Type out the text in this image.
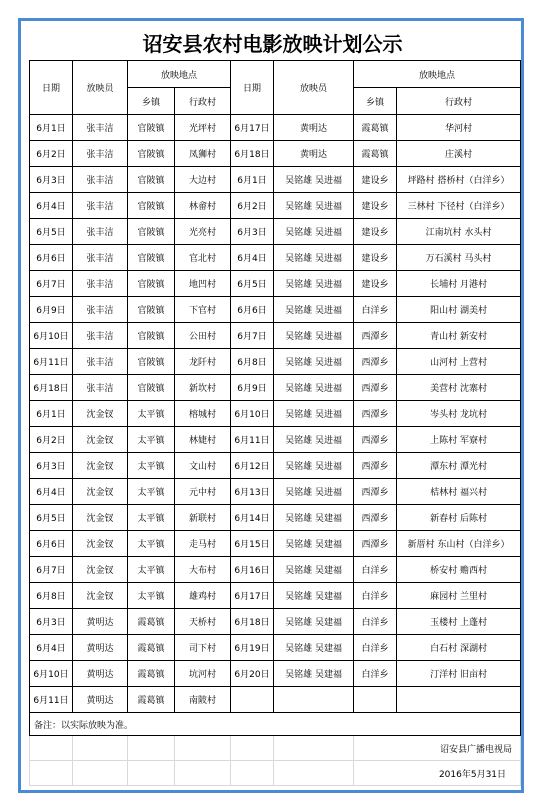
诏安县农村电影放映计划公示
日期	放映员	放映地点		日期	放映员	放映地点	
		乡镇	行政村			乡镇	行政村
6月1日	张丰洁	官陂镇	光坪村	6月17日	黄明达	霞葛镇	华河村
6月2日	张丰洁	官陂镇	凤狮村	6月18日	黄明达	霞葛镇	庄溪村
6月3日	张丰洁	官陂镇	大边村	6月1日	吴铭雄 吴进福	建设乡	坪路村 搭桥村（白洋乡）
6月4日	张丰洁	官陂镇	林畲村	6月2日	吴铭雄 吴进福	建设乡	三林村 下径村（白洋乡）
6月5日	张丰洁	官陂镇	光亮村	6月3日	吴铭雄 吴进福	建设乡	江南坑村 水头村
6月6日	张丰洁	官陂镇	官北村	6月4日	吴铭雄 吴进福	建设乡	万石溪村 马头村
6月7日	张丰洁	官陂镇	地凹村	6月5日	吴铭雄 吴进福	建设乡	长埔村 月港村
6月9日	张丰洁	官陂镇	下官村	6月6日	吴铭雄 吴进福	白洋乡	阳山村 湖美村
6月10日	张丰洁	官陂镇	公田村	6月7日	吴铭雄 吴进福	西潭乡	青山村 新安村
6月11日	张丰洁	官陂镇	龙阡村	6月8日	吴铭雄 吴进福	西潭乡	山河村 上营村
6月18日	张丰洁	官陂镇	新坎村	6月9日	吴铭雄 吴进福	西潭乡	美营村 沈寨村
6月1日	沈金钗	太平镇	榕城村	6月10日	吴铭雄 吴进福	西潭乡	岑头村 龙坑村
6月2日	沈金钗	太平镇	林婕村	6月11日	吴铭雄 吴进福	西潭乡	上陈村 军寮村
6月3日	沈金钗	太平镇	文山村	6月12日	吴铭雄 吴进福	西潭乡	潭东村 潭光村
6月4日	沈金钗	太平镇	元中村	6月13日	吴铭雄 吴进福	西潭乡	桔林村 福兴村
6月5日	沈金钗	太平镇	新联村	6月14日	吴铭雄 吴建福	西潭乡	新春村 后陈村
6月6日	沈金钗	太平镇	走马村	6月15日	吴铭雄 吴建福	西潭乡	新厝村 东山村（白洋乡）
6月7日	沈金钗	太平镇	大布村	6月16日	吴铭雄 吴建福	白洋乡	桥安村 赡西村
6月8日	沈金钗	太平镇	雄鸡村	6月17日	吴铭雄 吴建福	白洋乡	麻园村 兰里村
6月3日	黄明达	霞葛镇	天桥村	6月18日	吴铭雄 吴建福	白洋乡	玉楼村 上蓬村
6月4日	黄明达	霞葛镇	司下村	6月19日	吴铭雄 吴建福	白洋乡	白石村 深湖村
6月10日	黄明达	霞葛镇	坑河村	6月20日	吴铭雄 吴建福	白洋乡	汀洋村 旧亩村
6月11日	黄明达	霞葛镇	南陂村				
备注：以实际放映为准。							
						诏安县广播电视局	
						2016年5月31日	
